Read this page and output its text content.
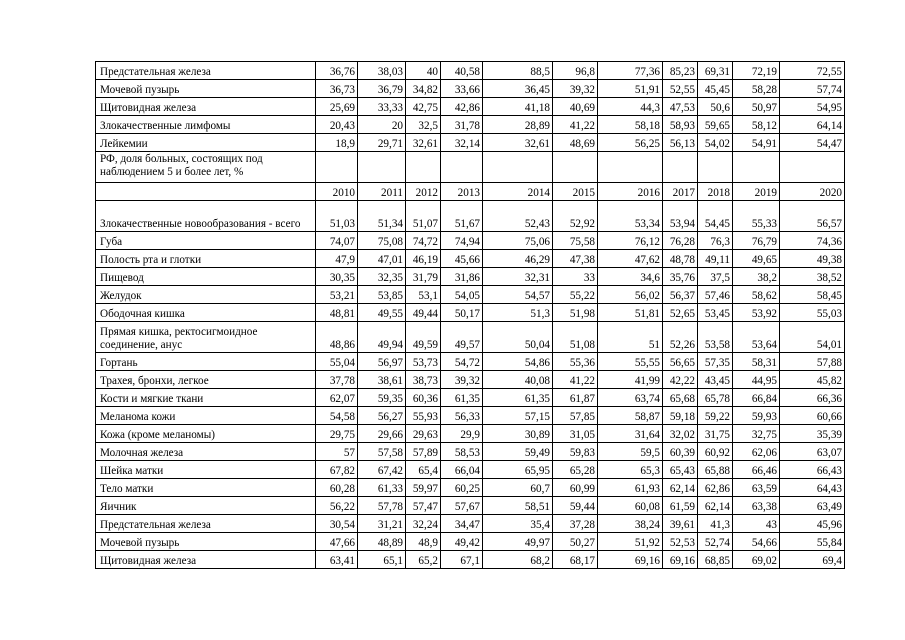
Предстательная железа	36,76	38,03	40	40,58	88,5	96,8	77,36	85,23	69,31	72,19	72,55
Мочевой пузырь	36,73	36,79	34,82	33,66	36,45	39,32	51,91	52,55	45,45	58,28	57,74
Щитовидная железа	25,69	33,33	42,75	42,86	41,18	40,69	44,3	47,53	50,6	50,97	54,95
Злокачественные лимфомы	20,43	20	32,5	31,78	28,89	41,22	58,18	58,93	59,65	58,12	64,14
Лейкемии	18,9	29,71	32,61	32,14	32,61	48,69	56,25	56,13	54,02	54,91	54,47
РФ, доля больных, состоящих под наблюдением 5 и более лет, %											
	2010	2011	2012	2013	2014	2015	2016	2017	2018	2019	2020
Злокачественные новообразования - всего	51,03	51,34	51,07	51,67	52,43	52,92	53,34	53,94	54,45	55,33	56,57
Губа	74,07	75,08	74,72	74,94	75,06	75,58	76,12	76,28	76,3	76,79	74,36
Полость рта и глотки	47,9	47,01	46,19	45,66	46,29	47,38	47,62	48,78	49,11	49,65	49,38
Пищевод	30,35	32,35	31,79	31,86	32,31	33	34,6	35,76	37,5	38,2	38,52
Желудок	53,21	53,85	53,1	54,05	54,57	55,22	56,02	56,37	57,46	58,62	58,45
Ободочная кишка	48,81	49,55	49,44	50,17	51,3	51,98	51,81	52,65	53,45	53,92	55,03
Прямая кишка, ректосигмоидное соединение, анус	48,86	49,94	49,59	49,57	50,04	51,08	51	52,26	53,58	53,64	54,01
Гортань	55,04	56,97	53,73	54,72	54,86	55,36	55,55	56,65	57,35	58,31	57,88
Трахея, бронхи, легкое	37,78	38,61	38,73	39,32	40,08	41,22	41,99	42,22	43,45	44,95	45,82
Кости и мягкие ткани	62,07	59,35	60,36	61,35	61,35	61,87	63,74	65,68	65,78	66,84	66,36
Меланома кожи	54,58	56,27	55,93	56,33	57,15	57,85	58,87	59,18	59,22	59,93	60,66
Кожа (кроме меланомы)	29,75	29,66	29,63	29,9	30,89	31,05	31,64	32,02	31,75	32,75	35,39
Молочная железа	57	57,58	57,89	58,53	59,49	59,83	59,5	60,39	60,92	62,06	63,07
Шейка матки	67,82	67,42	65,4	66,04	65,95	65,28	65,3	65,43	65,88	66,46	66,43
Тело матки	60,28	61,33	59,97	60,25	60,7	60,99	61,93	62,14	62,86	63,59	64,43
Яичник	56,22	57,78	57,47	57,67	58,51	59,44	60,08	61,59	62,14	63,38	63,49
Предстательная железа	30,54	31,21	32,24	34,47	35,4	37,28	38,24	39,61	41,3	43	45,96
Мочевой пузырь	47,66	48,89	48,9	49,42	49,97	50,27	51,92	52,53	52,74	54,66	55,84
Щитовидная железа	63,41	65,1	65,2	67,1	68,2	68,17	69,16	69,16	68,85	69,02	69,4
